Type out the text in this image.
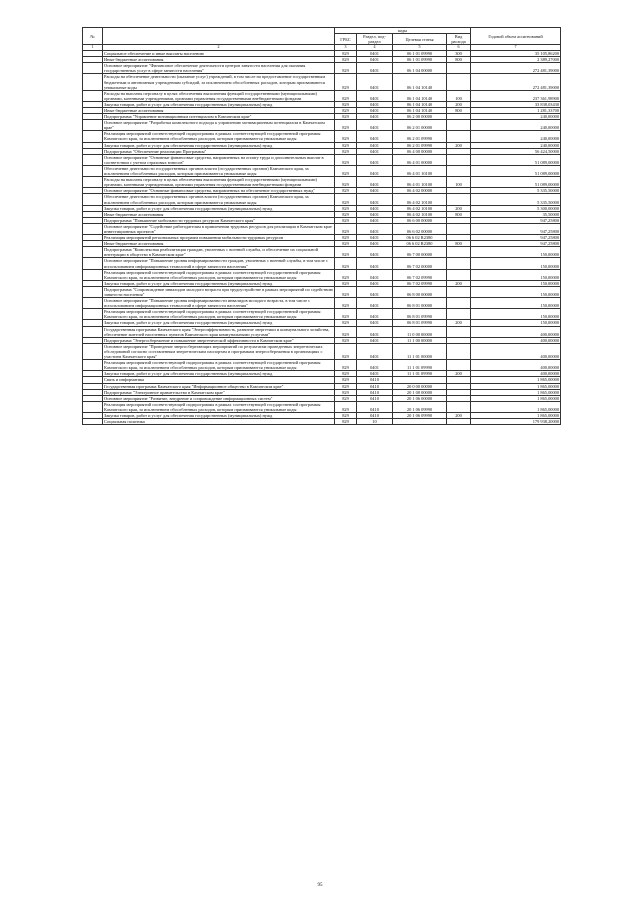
№		коды				Годовой объем ассигнований
		ГРБС	Раздел, под- раздел	Целевая статья	Вид расхода	
1	2	3	4	5	6	7
	Социальное обеспечение и иные выплаты населению	829	0401	06 1 01 09990	300	35 105,86200
	Иные бюджетные ассигнования	829	0401	06 1 01 09990	800	2 389,27000
	Основное мероприятие "Финансовое обеспечение деятельности центров занятости населения для оказания государственных услуг в сфере занятости населения"	829	0401	06 1 04 00000		272 481,39000
	Расходы на обеспечение деятельности (оказание услуг) учреждений, в том числе на предоставление государственным бюджетным и автономным учреждениям субсидий, за исключением обособленных расходов, которым присваиваются уникальные коды	829	0401	06 1 04 10140		272 481,39000
	Расходы на выплаты персоналу в целях обеспечения выполнения функций государственными (муниципальными) органами, казенными учреждениями, органами управления государственными внебюджетными фондами	829	0401	06 1 04 10140	100	237 361,98900
	Закупка товаров, работ и услуг для обеспечения государственных (муниципальных) нужд	829	0401	06 1 04 10140	200	33 838,03430
	Иные бюджетные ассигнования	829	0401	06 1 04 10140	800	1 281,33700
	Подпрограмма "Управление мотивационным потенциалом в Камчатском крае"	829	0401	06 2 00 00000		240,00000
	Основное мероприятие "Разработка комплексного подхода к управлению мотивационным потенциалом в Камчатском крае"	829	0401	06 2 01 00000		240,00000
	Реализация мероприятий соответствующей подпрограммы в рамках соответствующей государственной программы Камчатского края, за исключением обособленных расходов, которым присваиваются уникальные коды	829	0401	06 2 01 09990		240,00000
	Закупка товаров, работ и услуг для обеспечения государственных (муниципальных) нужд	829	0401	06 2 01 09990	200	240,00000
	Подпрограмма "Обеспечение реализации Программы"	829	0401	06 4 00 00000		56 424,50000
	Основное мероприятие "Основные финансовые средства, направленных на оплату труда и дополнительных выплат в соответствии с учетом страховых взносов"	829	0401	06 4 01 00000		51 089,00000
	Обеспечение деятельности государственных органов власти (государственных органов) Камчатского края, за исключением обособленных расходов, которым присваиваются уникальные коды	829	0401	06 4 01 10100		51 089,00000
	Расходы на выплаты персоналу в целях обеспечения выполнения функций государственными (муниципальными) органами, казенными учреждениями, органами управления государственными внебюджетными фондами	829	0401	06 4 01 10100	100	51 089,00000
	Основное мероприятие "Основные финансовые средства, направленных на обеспечение государственных нужд"	829	0401	06 4 02 00000		5 335,50000
	Обеспечение деятельности государственных органов власти (государственных органов) Камчатского края, за исключением обособленных расходов, которым присваиваются уникальные коды	829	0401	06 4 02 10100		5 335,50000
	Закупка товаров, работ и услуг для обеспечения государственных (муниципальных) нужд	829	0401	06 4 02 10100	200	5 300,00000
	Иные бюджетные ассигнования	829	0401	06 4 02 10100	800	35,50000
	Подпрограмма "Повышение мобильности трудовых ресурсов Камчатского края"	829	0401	06 6 00 00000		947,25800
	Основное мероприятие "Содействие работодателям в привлечении трудовых ресурсов для реализации в Камчатском крае инвестиционных проектов"	829	0401	06 6 02 00000		947,25800
	Реализация мероприятий региональных программ повышения мобильности трудовых ресурсов	829	0401	06 6 02 R2380		947,25800
	Иные бюджетные ассигнования	829	0401	06 6 02 R2380	800	947,25800
	Подпрограмма "Комплексная реабилитация граждан, уволенных с военной службы, и обеспечение их социальной интеграции в общество в Камчатском крае"	829	0401	06 7 00 00000		150,00000
	Основное мероприятие "Повышение уровня информированности граждан, уволенных с военной службы, в том числе с использованием информационных технологий в сфере занятости населения"	829	0401	06 7 02 00000		150,00000
	Реализация мероприятий соответствующей подпрограммы в рамках соответствующей государственной программы Камчатского края, за исключением обособленных расходов, которым присваиваются уникальные коды	829	0401	06 7 02 09990		150,00000
	Закупка товаров, работ и услуг для обеспечения государственных (муниципальных) нужд	829	0401	06 7 02 09990	200	150,00000
	Подпрограмма "Сопровождение инвалидов молодого возраста при трудоустройстве в рамках мероприятий по содействию занятости населения"	829	0401	06 8 00 00000		150,00000
	Основное мероприятие "Повышение уровня информированности инвалидов молодого возраста, в том числе с использованием информационных технологий в сфере занятости населения"	829	0401	06 8 01 00000		150,00000
	Реализация мероприятий соответствующей подпрограммы в рамках соответствующей государственной программы Камчатского края, за исключением обособленных расходов, которым присваиваются уникальные коды	829	0401	06 8 01 09990		150,00000
	Закупка товаров, работ и услуг для обеспечения государственных (муниципальных) нужд	829	0401	06 8 01 09990	200	150,00000
	Государственная программа Камчатского края "Энергоэффективность, развитие энергетики и коммунального хозяйства, обеспечение жителей населенных пунктов Камчатского края коммунальными услугами"	829	0401	11 0 00 00000		400,00000
	Подпрограмма "Энергосбережение и повышение энергетической эффективности в Камчатском крае"	829	0401	11 1 00 00000		400,00000
	Основное мероприятие "Проведение энергосберегающих мероприятий по результатам проведенных энергетических обследований согласно составленным энергетическим паспортам и программам энергосбережения в организациях с участием Камчатского края"	829	0401	11 1 01 00000		400,00000
	Реализация мероприятий соответствующей подпрограммы в рамках соответствующей государственной программы Камчатского края, за исключением обособленных расходов, которым присваиваются уникальные коды	829	0401	11 1 01 09990		400,00000
	Закупка товаров, работ и услуг для обеспечения государственных (муниципальных) нужд	829	0401	11 1 01 09990	200	400,00000
	Связь и информатика	829	0410			1 865,00000
	Государственная программа Камчатского края "Информационное общество в Камчатском крае"	829	0410	20 0 00 00000		1 865,00000
	Подпрограмма "Электронное правительство в Камчатском крае"	829	0410	20 1 00 00000		1 865,00000
	Основное мероприятие "Развитие, внедрение и сопровождение информационных систем"	829	0410	20 1 06 00000		1 865,00000
	Реализация мероприятий соответствующей подпрограммы в рамках соответствующей государственной программы Камчатского края, за исключением обособленных расходов, которым присваиваются уникальные коды	829	0410	20 1 06 09990		1 865,00000
	Закупка товаров, работ и услуг для обеспечения государственных (муниципальных) нужд	829	0410	20 1 06 09990	200	1 865,00000
	Социальная политика	829	10			179 938,20000
95
